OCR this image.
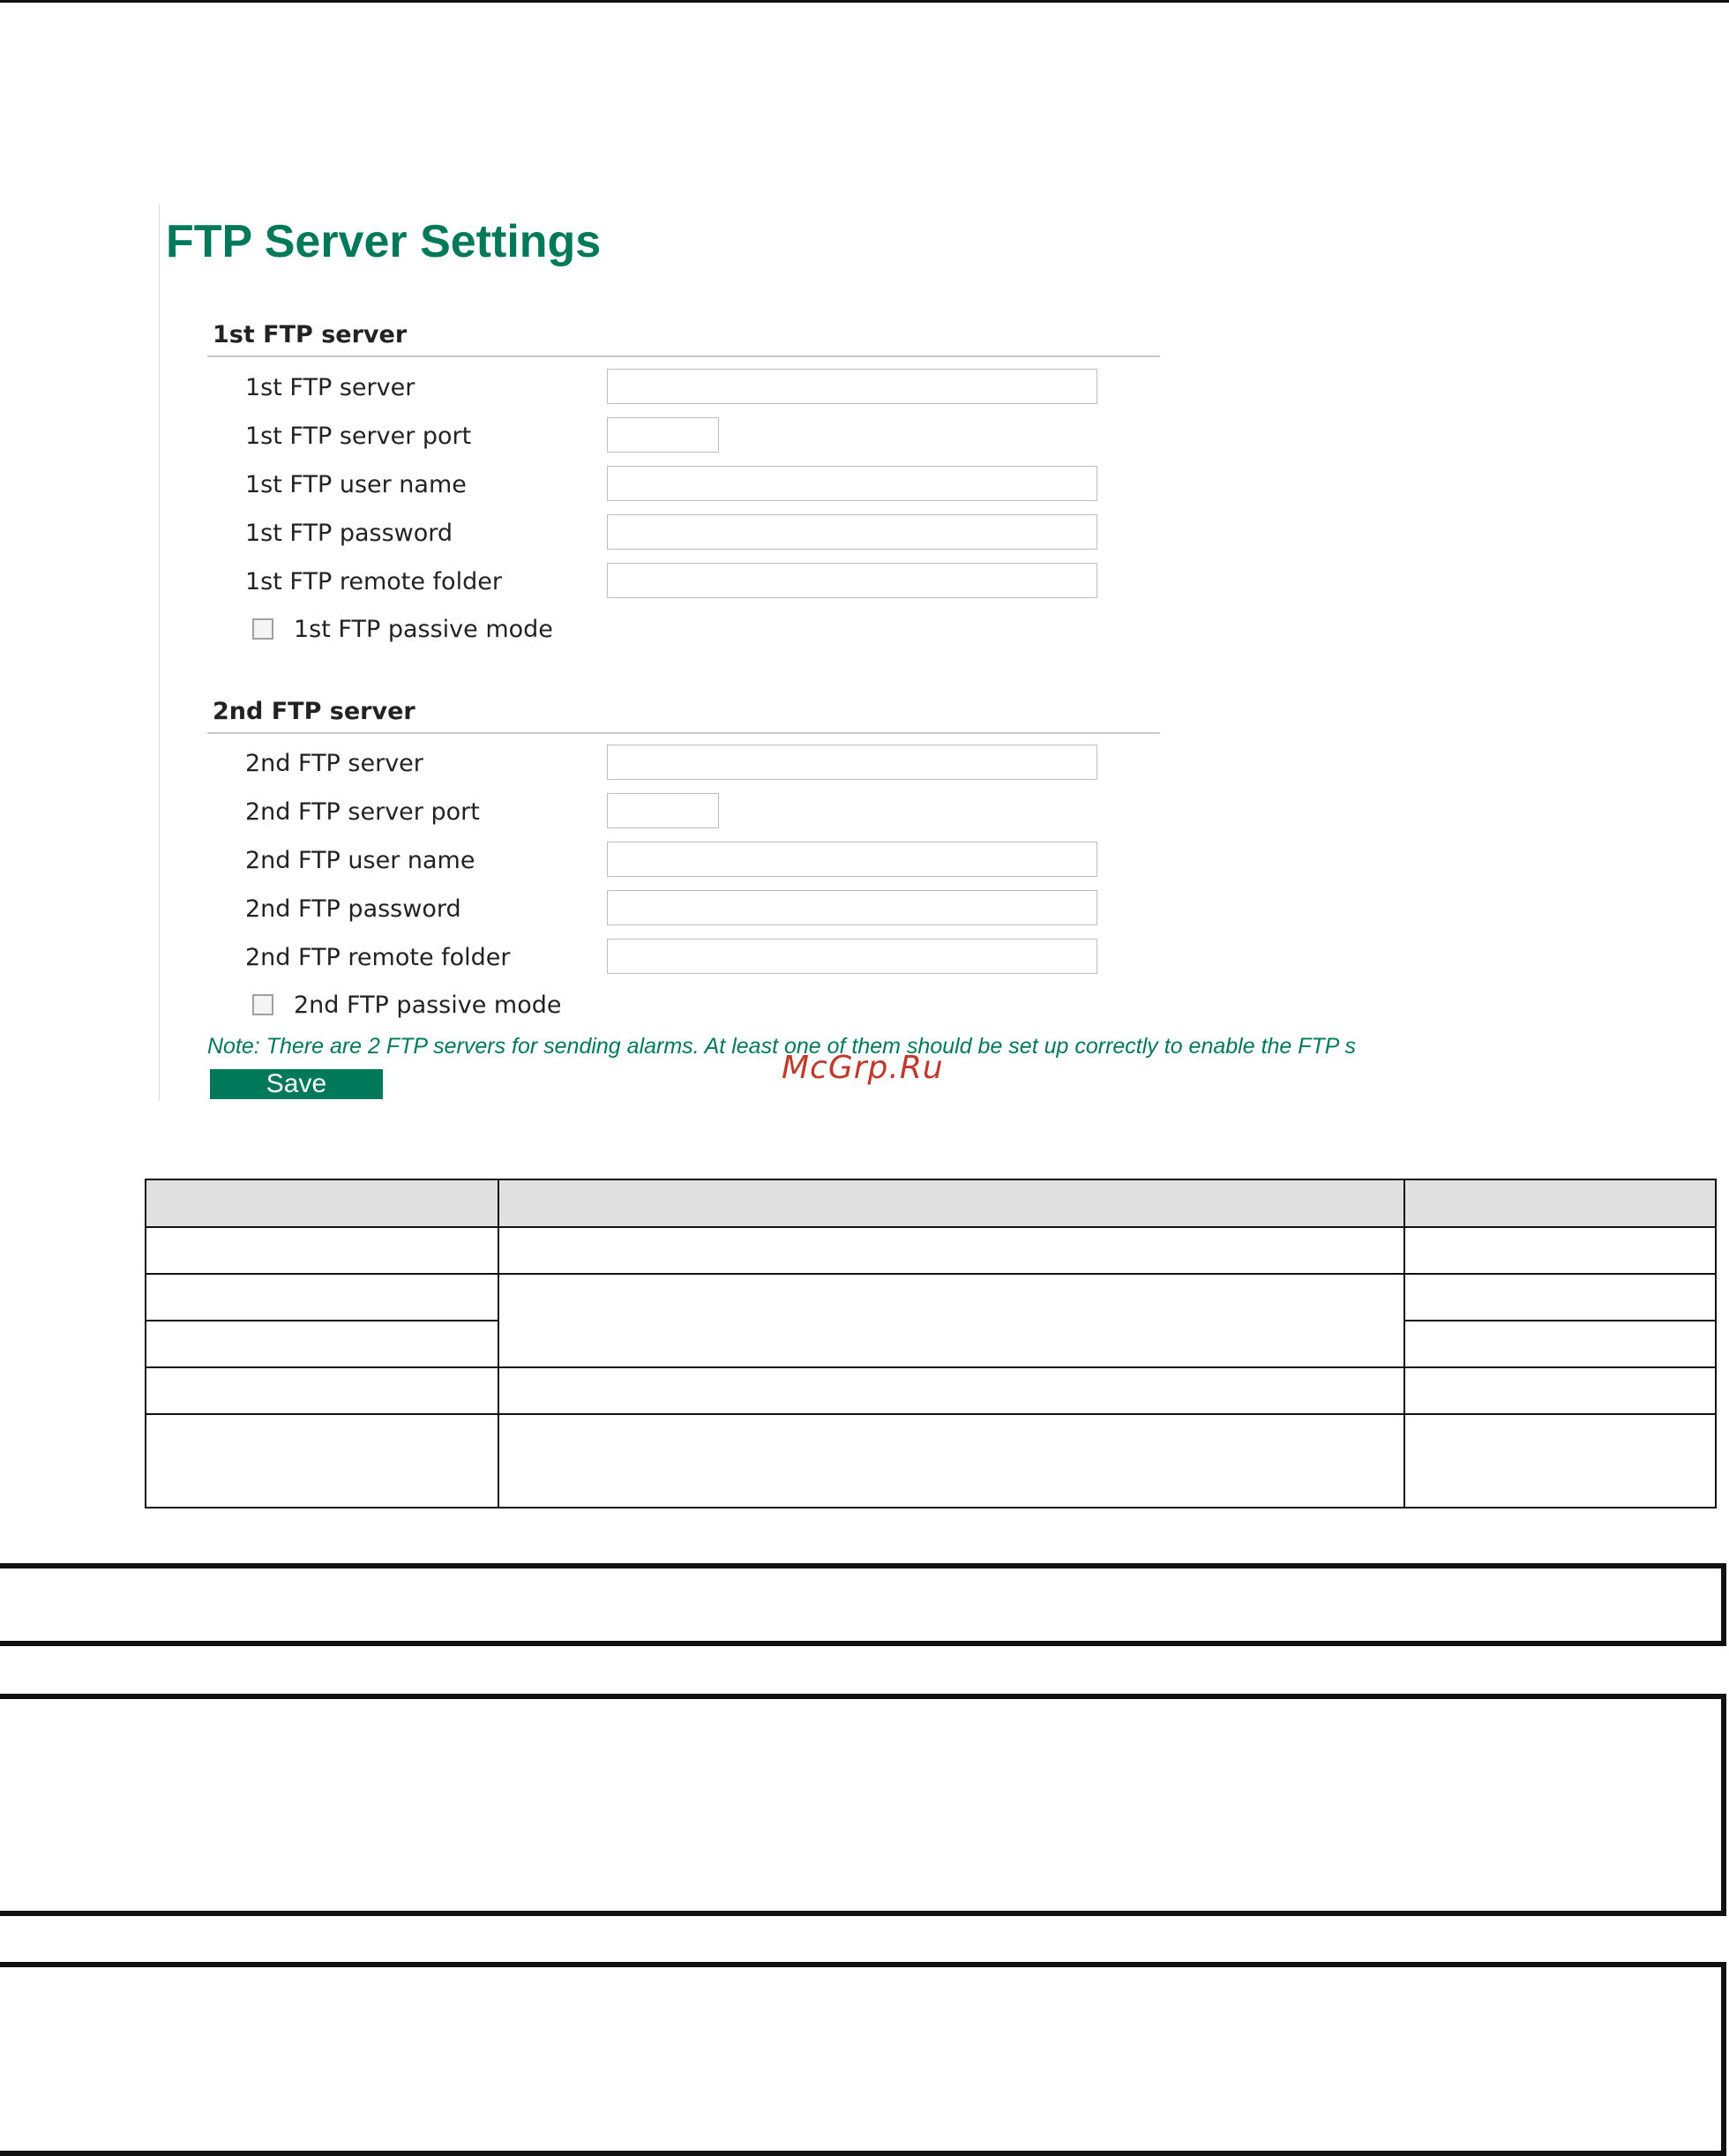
FTP Server Settings
1st FTP server
1st FTP server
1st FTP server port
1st FTP user name
1st FTP password
1st FTP remote folder
1st FTP passive mode
2nd FTP server
2nd FTP server
2nd FTP server port
2nd FTP user name
2nd FTP password
2nd FTP remote folder
2nd FTP passive mode
Note: There are 2 FTP servers for sending alarms. At least one of them should be set up correctly to enable the FTP s
Save	McGrp.Ru
